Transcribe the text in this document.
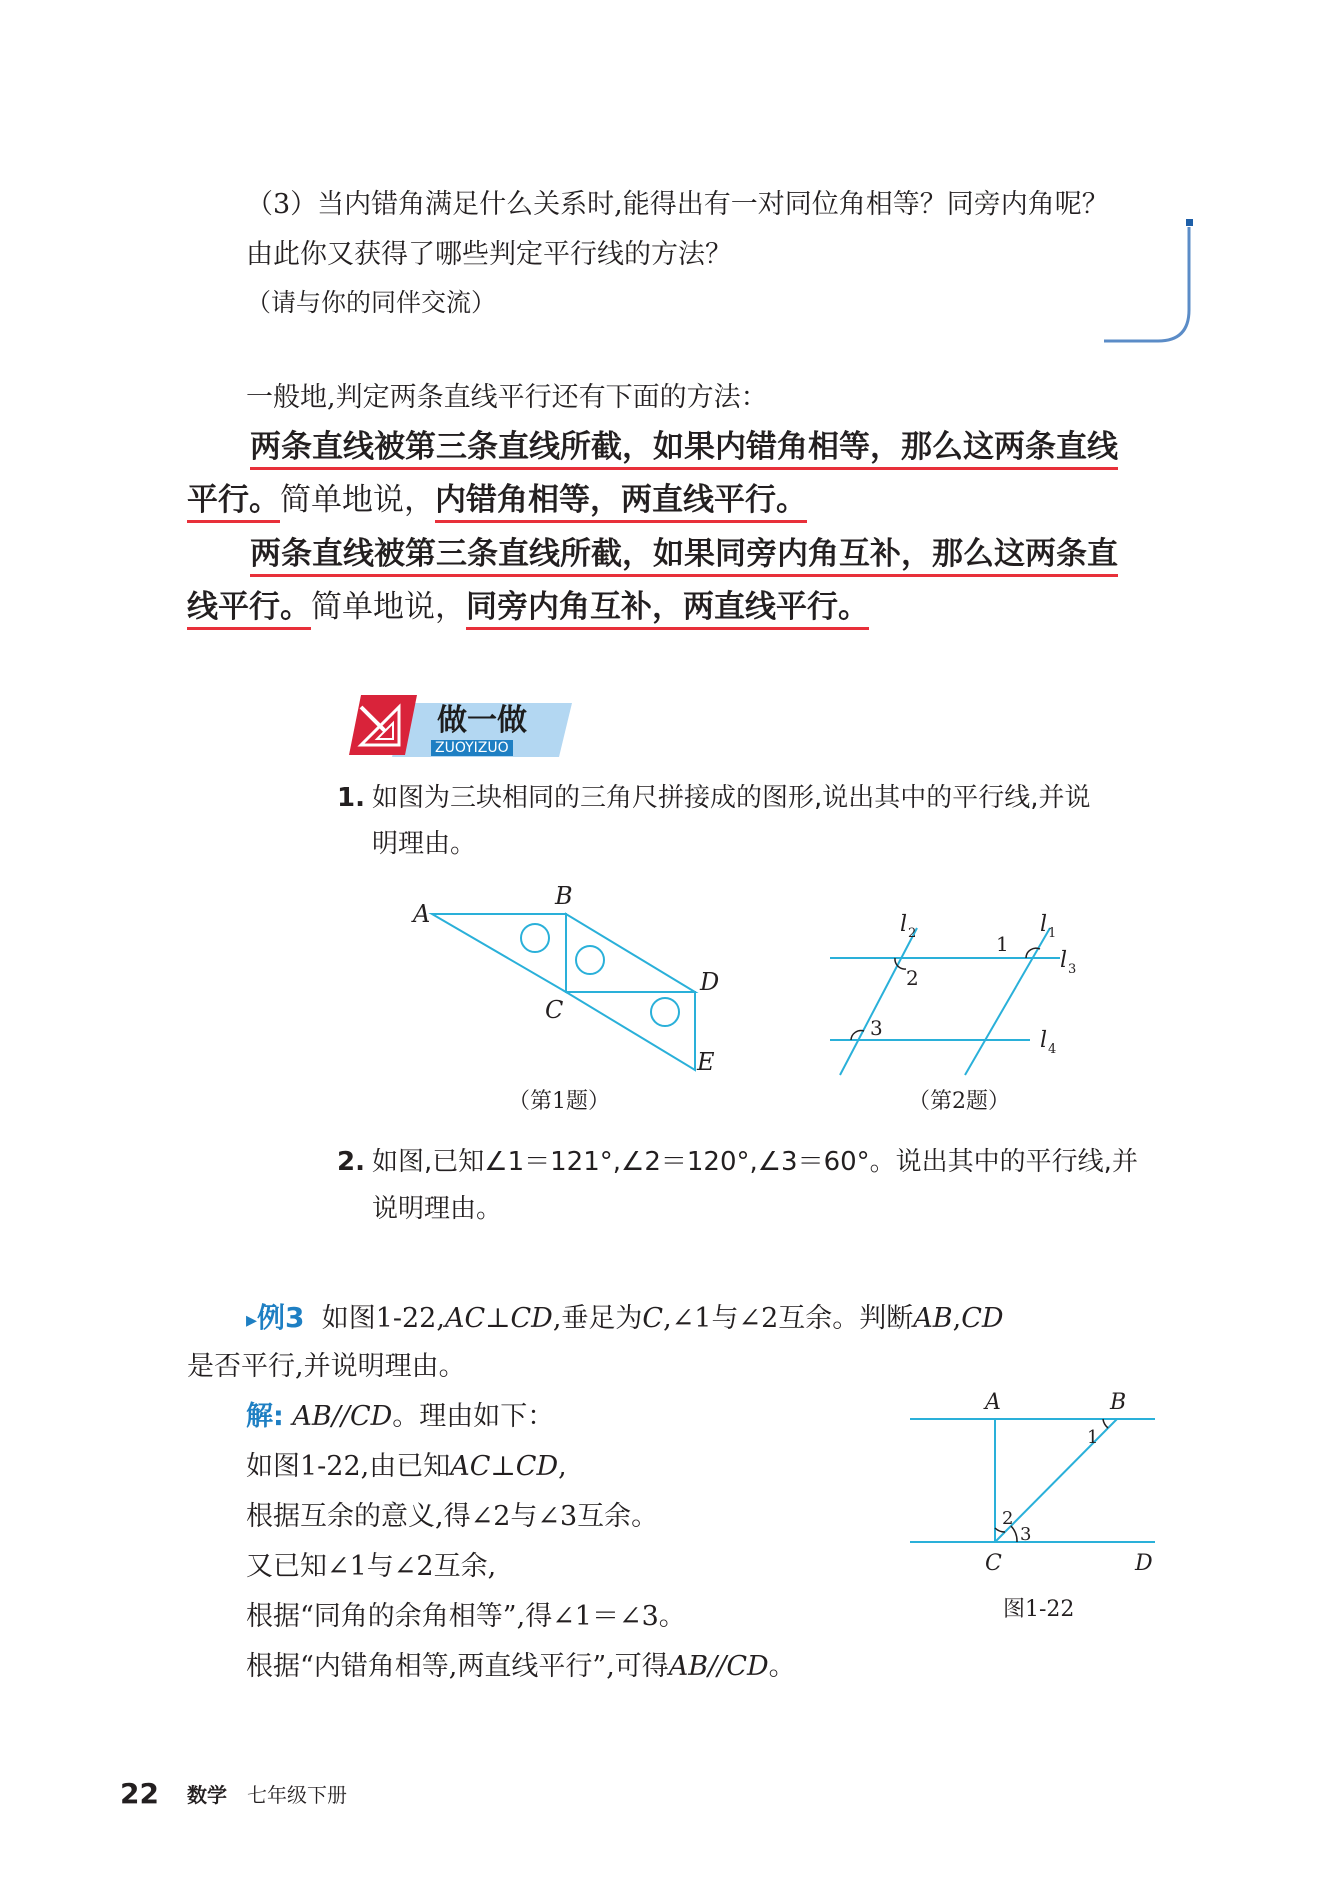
（3）当内错角满足什么关系时,能得出有一对同位角相等？同旁内角呢？
由此你又获得了哪些判定平行线的方法？
（请与你的同伴交流）
一般地,判定两条直线平行还有下面的方法：
两条直线被第三条直线所截，如果内错角相等，那么这两条直线
平行。简单地说，内错角相等，两直线平行。
两条直线被第三条直线所截，如果同旁内角互补，那么这两条直
线平行。简单地说，同旁内角互补，两直线平行。
做一做
ZUOYIZUO
1. 如图为三块相同的三角尺拼接成的图形,说出其中的平行线,并说
明理由。
A
B
C
D
E
（第1题）
l 2	l 1
l 3
l 4
1
2
3
（第2题）
2. 如图,已知∠1＝121°,∠2＝120°,∠3＝60°。说出其中的平行线,并
说明理由。
▸例3 如图1-22,AC⊥CD,垂足为C,∠1与∠2互余。判断AB,CD
是否平行,并说明理由。
解: AB//CD。理由如下：
如图1-22,由已知AC⊥CD,
根据互余的意义,得∠2与∠3互余。
又已知∠1与∠2互余,
根据“同角的余角相等”,得∠1＝∠3。
根据“内错角相等,两直线平行”,可得AB//CD。
A	B
C	D
1
2
3
图1-22
22 数学 七年级下册
